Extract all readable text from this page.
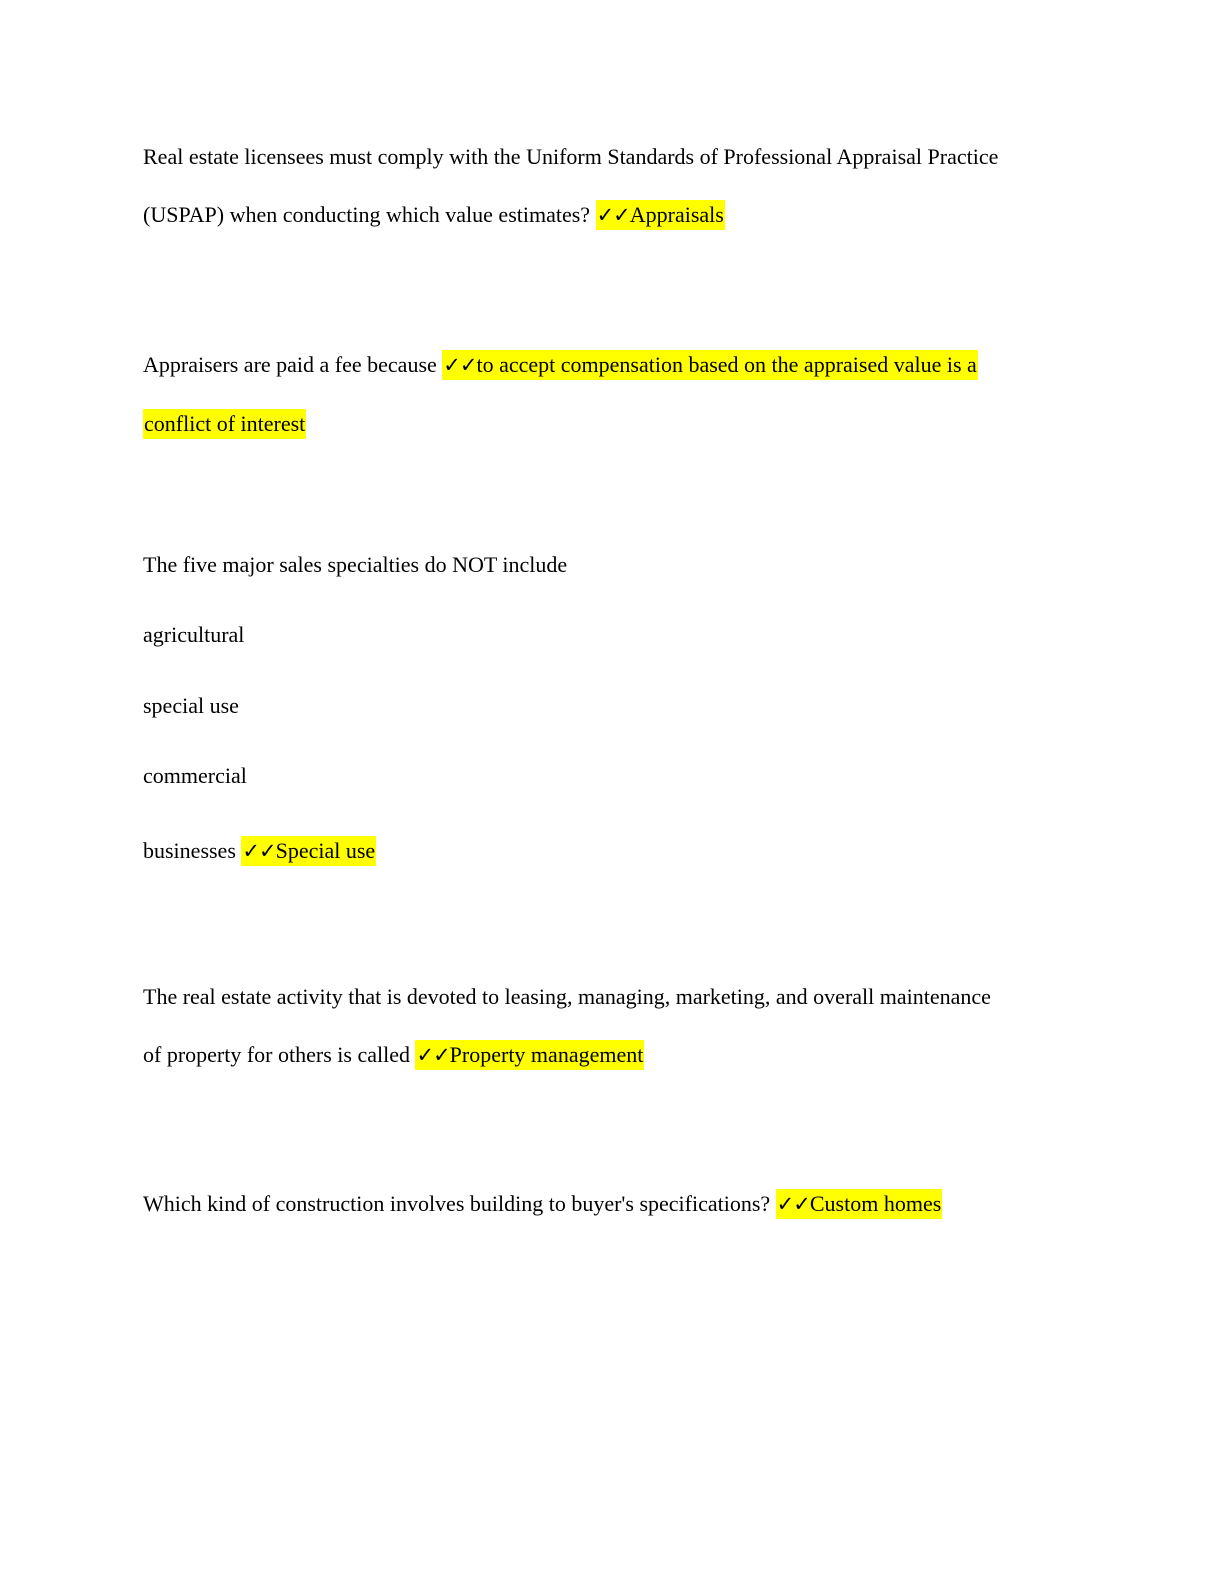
Real estate licensees must comply with the Uniform Standards of Professional Appraisal Practice
(USPAP) when conducting which value estimates? ✓✓Appraisals
Appraisers are paid a fee because ✓✓to accept compensation based on the appraised value is a
conflict of interest
The five major sales specialties do NOT include
agricultural
special use
commercial
businesses ✓✓Special use
The real estate activity that is devoted to leasing, managing, marketing, and overall maintenance
of property for others is called ✓✓Property management
Which kind of construction involves building to buyer's specifications? ✓✓Custom homes
